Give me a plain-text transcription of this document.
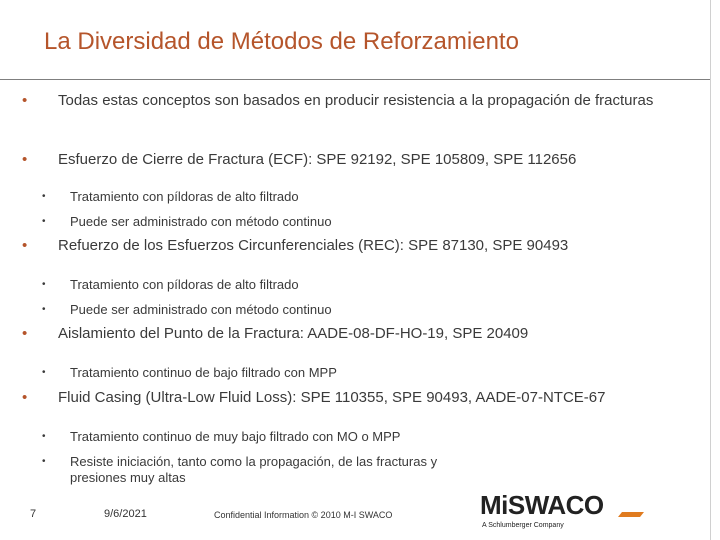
La Diversidad de Métodos de Reforzamiento
• Todas estas conceptos son basados en producir resistencia a la propagación de fracturas
• Esfuerzo de Cierre de Fractura (ECF): SPE 92192, SPE 105809, SPE 112656
• Tratamiento con píldoras de alto filtrado
• Puede ser administrado con método continuo
• Refuerzo de los Esfuerzos Circunferenciales (REC): SPE 87130, SPE 90493
• Tratamiento con píldoras de alto filtrado
• Puede ser administrado con método continuo
• Aislamiento del Punto de la Fractura: AADE-08-DF-HO-19, SPE 20409
• Tratamiento continuo de bajo filtrado con MPP
• Fluid Casing (Ultra-Low Fluid Loss): SPE 110355, SPE 90493, AADE-07-NTCE-67
• Tratamiento continuo de muy bajo filtrado con MO o MPP
• Resiste iniciación, tanto como la propagación, de las fracturas y presiones muy altas
7	9/6/2021	Confidential Information © 2010 M-I SWACO	MiSWACO
A Schlumberger Company
